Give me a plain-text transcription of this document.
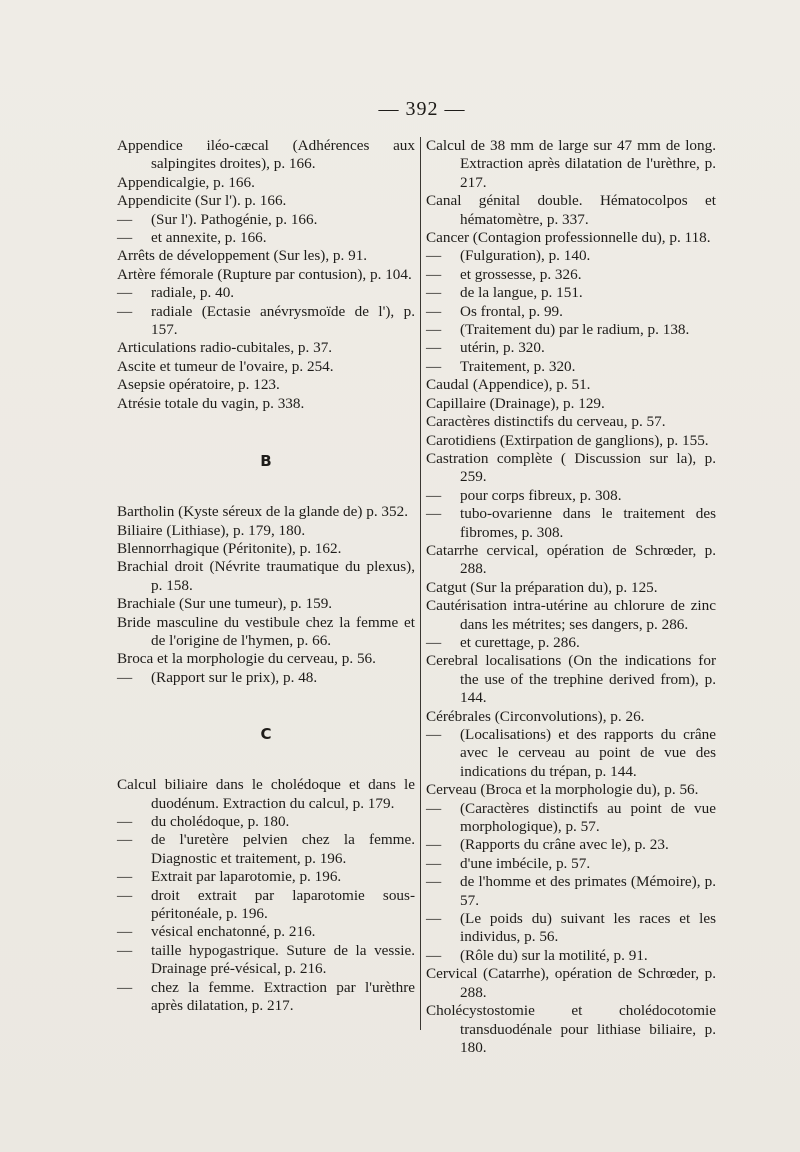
— 392 —

Appendice iléo-cæcal (Adhérences aux salpingites droites), p. 166.

Appendicalgie, p. 166.

Appendicite (Sur l'). p. 166.

— (Sur l'). Pathogénie, p. 166.

— et annexite, p. 166.

Arrêts de développement (Sur les), p. 91.

Artère fémorale (Rupture par contusion), p. 104.

— radiale, p. 40.

— radiale (Ectasie anévrysmoïde de l'), p. 157.

Articulations radio-cubitales, p. 37.

Ascite et tumeur de l'ovaire, p. 254.

Asepsie opératoire, p. 123.

Atrésie totale du vagin, p. 338.

B

Bartholin (Kyste séreux de la glande de) p. 352.

Biliaire (Lithiase), p. 179, 180.

Blennorrhagique (Péritonite), p. 162.

Brachial droit (Névrite traumatique du plexus), p. 158.

Brachiale (Sur une tumeur), p. 159.

Bride masculine du vestibule chez la femme et de l'origine de l'hymen, p. 66.

Broca et la morphologie du cerveau, p. 56.

— (Rapport sur le prix), p. 48.

C

Calcul biliaire dans le cholédoque et dans le duodénum. Extraction du calcul, p. 179.

— du cholédoque, p. 180.

— de l'uretère pelvien chez la femme. Diagnostic et traitement, p. 196.

— Extrait par laparotomie, p. 196.

— droit extrait par laparotomie sous-péritonéale, p. 196.

— vésical enchatonné, p. 216.

— taille hypogastrique. Suture de la vessie. Drainage pré-vésical, p. 216.

— chez la femme. Extraction par l'urèthre après dilatation, p. 217.

Calcul de 38 mm de large sur 47 mm de long. Extraction après dilatation de l'urèthre, p. 217.

Canal génital double. Hématocolpos et hématomètre, p. 337.

Cancer (Contagion professionnelle du), p. 118.

— (Fulguration), p. 140.

— et grossesse, p. 326.

— de la langue, p. 151.

— Os frontal, p. 99.

— (Traitement du) par le radium, p. 138.

— utérin, p. 320.

— Traitement, p. 320.

Caudal (Appendice), p. 51.

Capillaire (Drainage), p. 129.

Caractères distinctifs du cerveau, p. 57.

Carotidiens (Extirpation de ganglions), p. 155.

Castration complète ( Discussion sur la), p. 259.

— pour corps fibreux, p. 308.

— tubo-ovarienne dans le traitement des fibromes, p. 308.

Catarrhe cervical, opération de Schrœder, p. 288.

Catgut (Sur la préparation du), p. 125.

Cautérisation intra-utérine au chlorure de zinc dans les métrites; ses dangers, p. 286.

— et curettage, p. 286.

Cerebral localisations (On the indications for the use of the trephine derived from), p. 144.

Cérébrales (Circonvolutions), p. 26.

— (Localisations) et des rapports du crâne avec le cerveau au point de vue des indications du trépan, p. 144.

Cerveau (Broca et la morphologie du), p. 56.

— (Caractères distinctifs au point de vue morphologique), p. 57.

— (Rapports du crâne avec le), p. 23.

— d'une imbécile, p. 57.

— de l'homme et des primates (Mémoire), p. 57.

— (Le poids du) suivant les races et les individus, p. 56.

— (Rôle du) sur la motilité, p. 91.

Cervical (Catarrhe), opération de Schrœder, p. 288.

Cholécystostomie et cholédocotomie transduodénale pour lithiase biliaire, p. 180.
